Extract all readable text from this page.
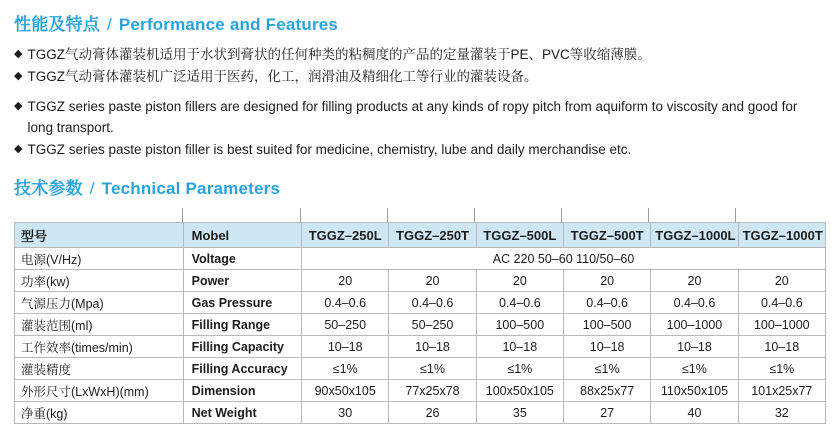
性能及特点 / Performance and Features
◆ TGGZ气动膏体灌装机适用于水状到膏状的任何种类的粘稠度的产品的定量灌装于PE、PVC等收缩薄膜。
◆ TGGZ气动膏体灌装机广泛适用于医药，化工，润滑油及精细化工等行业的灌装设备。
◆ TGGZ series paste piston fillers are designed for filling products at any kinds of ropy pitch from aquiform to viscosity and good for long transport.
◆ TGGZ series paste piston filler is best suited for medicine, chemistry, lube and daily merchandise etc.
技术参数 / Technical Parameters
型号	Mobel	TGGZ–250L	TGGZ–250T	TGGZ–500L	TGGZ–500T	TGGZ–1000L	TGGZ–1000T
电源(V/Hz)	Voltage	AC 220 50–60 110/50–60					
功率(kw)	Power	20	20	20	20	20	20
气源压力(Mpa)	Gas Pressure	0.4–0.6	0.4–0.6	0.4–0.6	0.4–0.6	0.4–0.6	0.4–0.6
灌装范围(ml)	Filling Range	50–250	50–250	100–500	100–500	100–1000	100–1000
工作效率(times/min)	Filling Capacity	10–18	10–18	10–18	10–18	10–18	10–18
灌装精度	Filling Accuracy	≤1%	≤1%	≤1%	≤1%	≤1%	≤1%
外形尺寸(LxWxH)(mm)	Dimension	90x50x105	77x25x78	100x50x105	88x25x77	110x50x105	101x25x77
净重(kg)	Net Weight	30	26	35	27	40	32
